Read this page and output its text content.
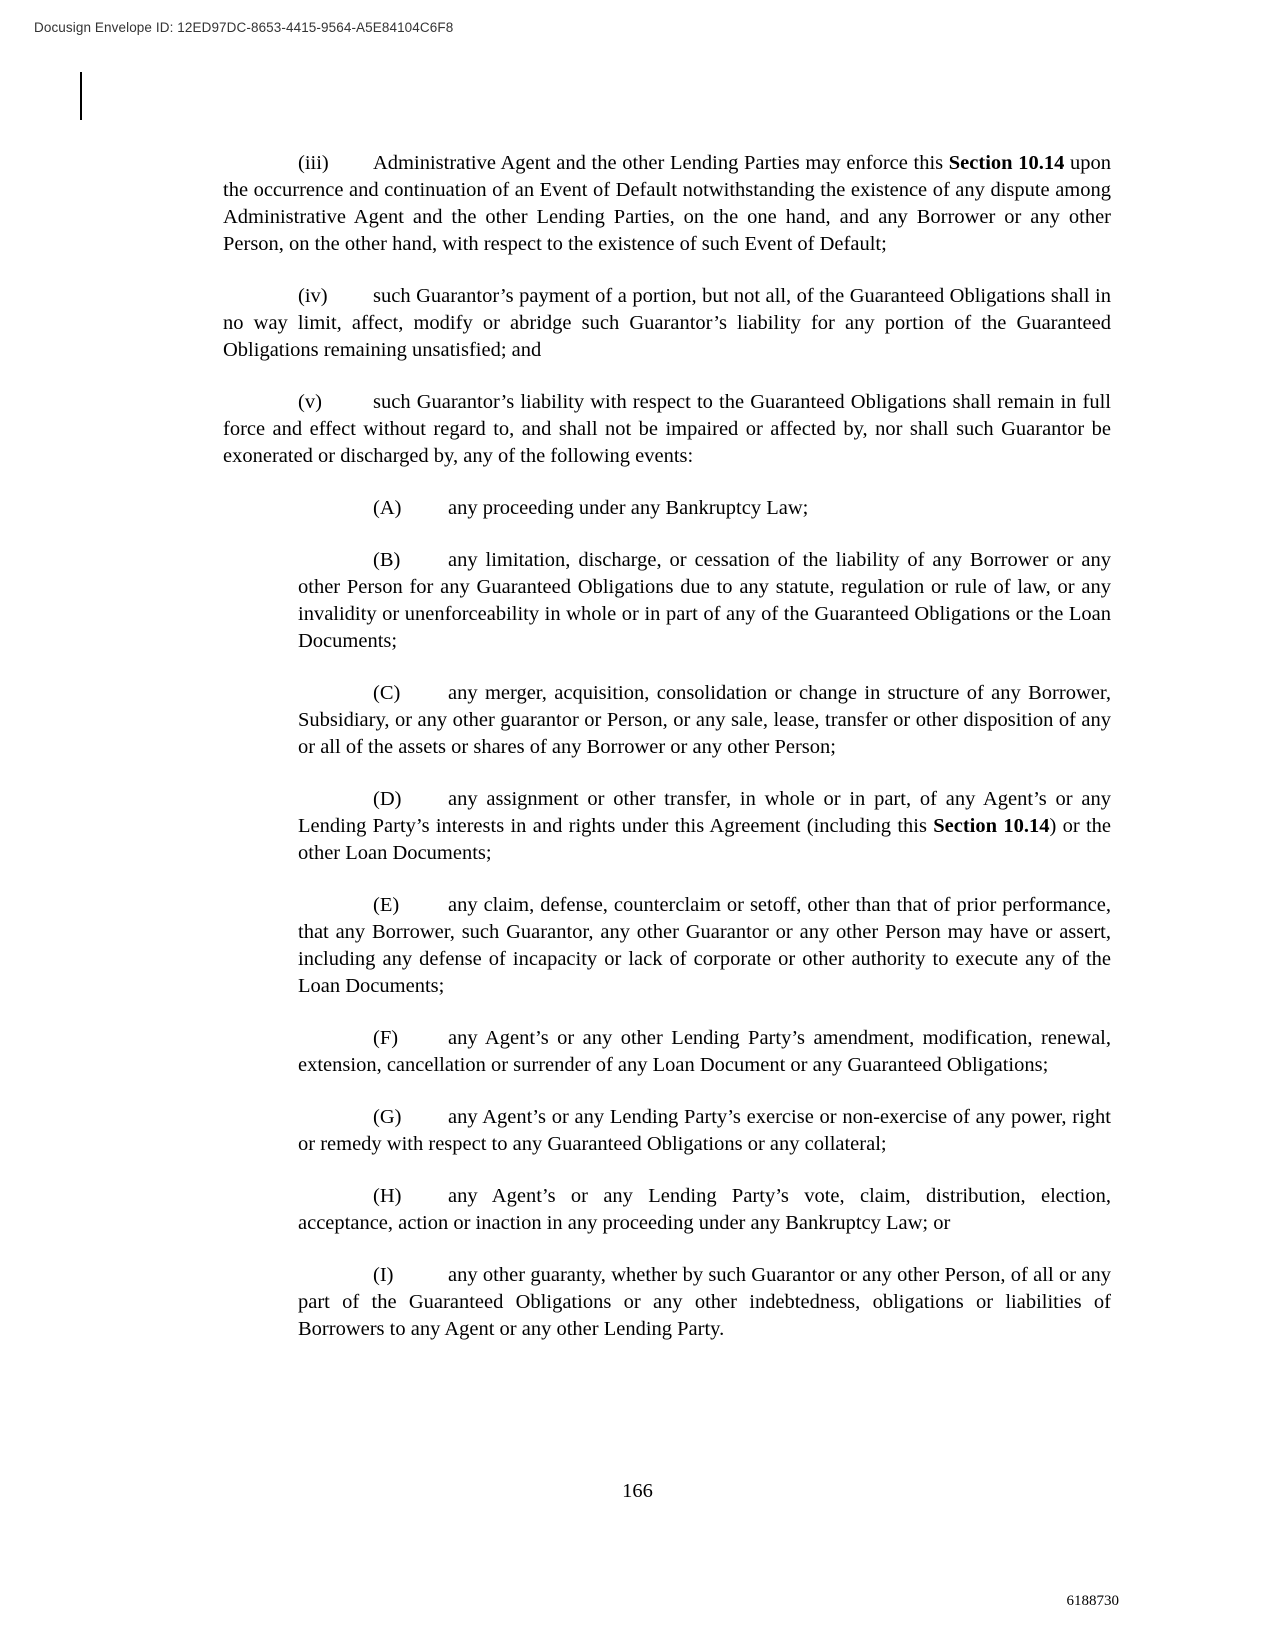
Docusign Envelope ID: 12ED97DC-8653-4415-9564-A5E84104C6F8

(iii) Administrative Agent and the other Lending Parties may enforce this Section 10.14 upon the occurrence and continuation of an Event of Default notwithstanding the existence of any dispute among Administrative Agent and the other Lending Parties, on the one hand, and any Borrower or any other Person, on the other hand, with respect to the existence of such Event of Default;

(iv) such Guarantor’s payment of a portion, but not all, of the Guaranteed Obligations shall in no way limit, affect, modify or abridge such Guarantor’s liability for any portion of the Guaranteed Obligations remaining unsatisfied; and

(v) such Guarantor’s liability with respect to the Guaranteed Obligations shall remain in full force and effect without regard to, and shall not be impaired or affected by, nor shall such Guarantor be exonerated or discharged by, any of the following events:

(A) any proceeding under any Bankruptcy Law;

(B) any limitation, discharge, or cessation of the liability of any Borrower or any other Person for any Guaranteed Obligations due to any statute, regulation or rule of law, or any invalidity or unenforceability in whole or in part of any of the Guaranteed Obligations or the Loan Documents;

(C) any merger, acquisition, consolidation or change in structure of any Borrower, Subsidiary, or any other guarantor or Person, or any sale, lease, transfer or other disposition of any or all of the assets or shares of any Borrower or any other Person;

(D) any assignment or other transfer, in whole or in part, of any Agent’s or any Lending Party’s interests in and rights under this Agreement (including this Section 10.14) or the other Loan Documents;

(E) any claim, defense, counterclaim or setoff, other than that of prior performance, that any Borrower, such Guarantor, any other Guarantor or any other Person may have or assert, including any defense of incapacity or lack of corporate or other authority to execute any of the Loan Documents;

(F) any Agent’s or any other Lending Party’s amendment, modification, renewal, extension, cancellation or surrender of any Loan Document or any Guaranteed Obligations;

(G) any Agent’s or any Lending Party’s exercise or non-exercise of any power, right or remedy with respect to any Guaranteed Obligations or any collateral;

(H) any Agent’s or any Lending Party’s vote, claim, distribution, election, acceptance, action or inaction in any proceeding under any Bankruptcy Law; or

(I)	any other guaranty, whether by such Guarantor or any other Person, of all or any part of the Guaranteed Obligations or any other indebtedness, obligations or liabilities of Borrowers to any Agent or any other Lending Party.

166
6188730
